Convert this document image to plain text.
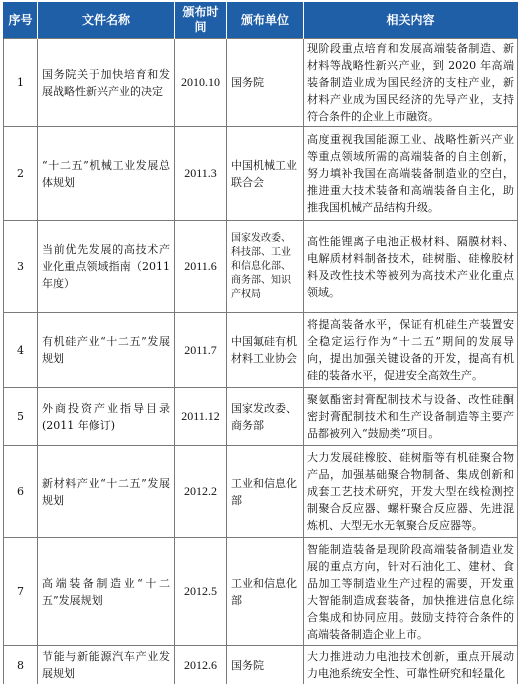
序号	文件名称	颁布时间	颁布单位	相关内容
1	国务院关于加快培育和发展战略性新兴产业的决定	2010.10	国务院	现阶段重点培育和发展高端装备制造、新材料等战略性新兴产业，到 2020 年高端装备制造业成为国民经济的支柱产业，新材料产业成为国民经济的先导产业，支持符合条件的企业上市融资。
2	“十二五”机械工业发展总体规划	2011.3	中国机械工业联合会	高度重视我国能源工业、战略性新兴产业等重点领域所需的高端装备的自主创新，努力填补我国在高端装备制造业的空白，推进重大技术装备和高端装备自主化，助推我国机械产品结构升级。
3	当前优先发展的高技术产业化重点领域指南（2011 年度）	2011.6	国家发改委、科技部、工业和信息化部、商务部、知识产权局	高性能锂离子电池正极材料、隔膜材料、电解质材料制备技术，硅树脂、硅橡胶材料及改性技术等被列为高技术产业化重点领域。
4	有机硅产业“十二五”发展规划	2011.7	中国氟硅有机材料工业协会	将提高装备水平，保证有机硅生产装置安全稳定运行作为“十二五”期间的发展导向，提出加强关键设备的开发，提高有机硅的装备水平，促进安全高效生产。
5	外商投资产业指导目录(2011 年修订)	2011.12	国家发改委、商务部	聚氨酯密封膏配制技术与设备、改性硅酮密封膏配制技术和生产设备制造等主要产品都被列入“鼓励类”项目。
6	新材料产业“十二五”发展规划	2012.2	工业和信息化部	大力发展硅橡胶、硅树脂等有机硅聚合物产品，加强基础聚合物制备、集成创新和成套工艺技术研究，开发大型在线检测控制聚合反应器、螺杆聚合反应器、先进混炼机、大型无水无氧聚合反应器等。
7	高端装备制造业“十二五”发展规划	2012.5	工业和信息化部	智能制造装备是现阶段高端装备制造业发展的重点方向，针对石油化工、建材、食品加工等制造业生产过程的需要，开发重大智能制造成套装备，加快推进信息化综合集成和协同应用。鼓励支持符合条件的高端装备制造企业上市。
8	节能与新能源汽车产业发展规划	2012.6	国务院	大力推进动力电池技术创新，重点开展动力电池系统安全性、可靠性研究和轻量化
